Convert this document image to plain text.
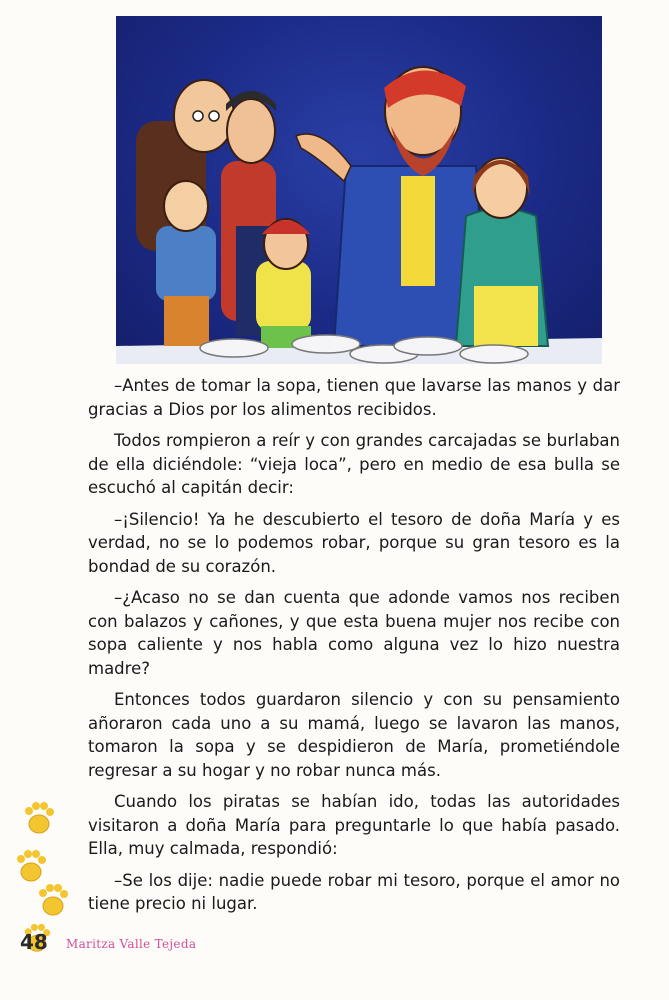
–Antes de tomar la sopa, tienen que lavarse las manos y dar gracias a Dios por los alimentos recibidos.

Todos rompieron a reír y con grandes carcajadas se burlaban de ella diciéndole: “vieja loca”, pero en medio de esa bulla se escuchó al capitán decir:

–¡Silencio! Ya he descubierto el tesoro de doña María y es verdad, no se lo podemos robar, porque su gran tesoro es la bondad de su corazón.

–¿Acaso no se dan cuenta que adonde vamos nos reciben con balazos y cañones, y que esta buena mujer nos recibe con sopa caliente y nos habla como alguna vez lo hizo nuestra madre?

Entonces todos guardaron silencio y con su pensamiento añoraron cada uno a su mamá, luego se lavaron las manos, tomaron la sopa y se despidieron de María, prometiéndole regresar a su hogar y no robar nunca más.

Cuando los piratas se habían ido, todas las autoridades visitaron a doña María para preguntarle lo que había pasado. Ella, muy calmada, respondió:

–Se los dije: nadie puede robar mi tesoro, porque el amor no tiene precio ni lugar.

48 Maritza Valle Tejeda
